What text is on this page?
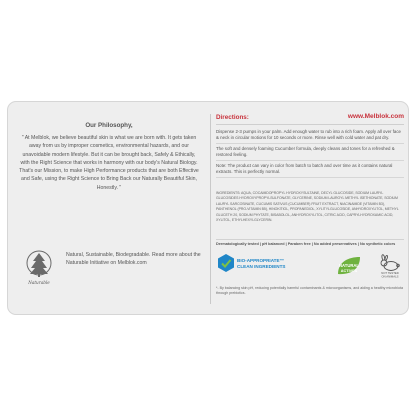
Our Philosophy,

" At Melblok, we believe beautiful skin is what we are born with. It gets taken away from us by improper cosmetics, environmental hazards, and our unavoidable modern lifestyle. But it can be brought back, Safely & Ethically, with the Right Science that works in harmony with our body's Natural Biology. That's our Mission, to make High Performance products that are both Effective and Safe, using the Right Science to Bring Back our Naturally Beautiful Skin, Honestly. "

Naturable
Natural, Sustainable, Biodegradable. Read more about the Naturable Initiative on Melblok.com
Directions:	www.Melblok.com
Dispense 2-3 pumps in your palm. Add enough water to rub into a rich foam. Apply all over face & neck in circular motions for 10 seconds or more. Rinse well with cold water and pat dry.
The soft and densely foaming Cucumber formula, deeply cleans and tones for a refreshed & restored feeling.
Note: The product can vary in color from batch to batch and over time as it contains natural extracts. This is perfectly normal.
INGREDIENTS: AQUA, COCAMIDOPROPYL HYDROXYSULTAINE, DECYL GLUCOSIDE, SODIUM LAURYL GLUCOSIDES HYDROXYPROPYLSULFONATE, GLYCERINE, SODIUM LAUROYL METHYL ISETHIONATE, SODIUM LAURYL SARCOSINATE, CUCUMIS SATIVUS (CUCUMBER) FRUIT EXTRACT, NIACINAMIDE (VITAMIN B3), PANTHENOL (PRO-VITAMIN B5), HINOKITIOL, PROPANEDIOL, XYLITYLGLUCOSIDE, ANHYDROXYLITOL, METHYL GLUCETH 20, SODIUM PHYTATE, BISABOLOL, ANHYDROXYLITOL, CITRIC ACID, CAPRYLHYDROXAMIC ACID, XYLITOL, ETHYLHEXYLGLYCERIN.
Dermatologically tested | pH balanced | Paraben free | No added preservatives | No synthetic colors
BIO-APPROPRIATE™
CLEAN INGREDIENTS	NATURAL
ACTIVES	NOT TESTED
ON ANIMALS
*- By balancing skin pH, reducing potentially harmful contaminants & microorganisms, and aiding a healthy microbiota through prebiotics.
